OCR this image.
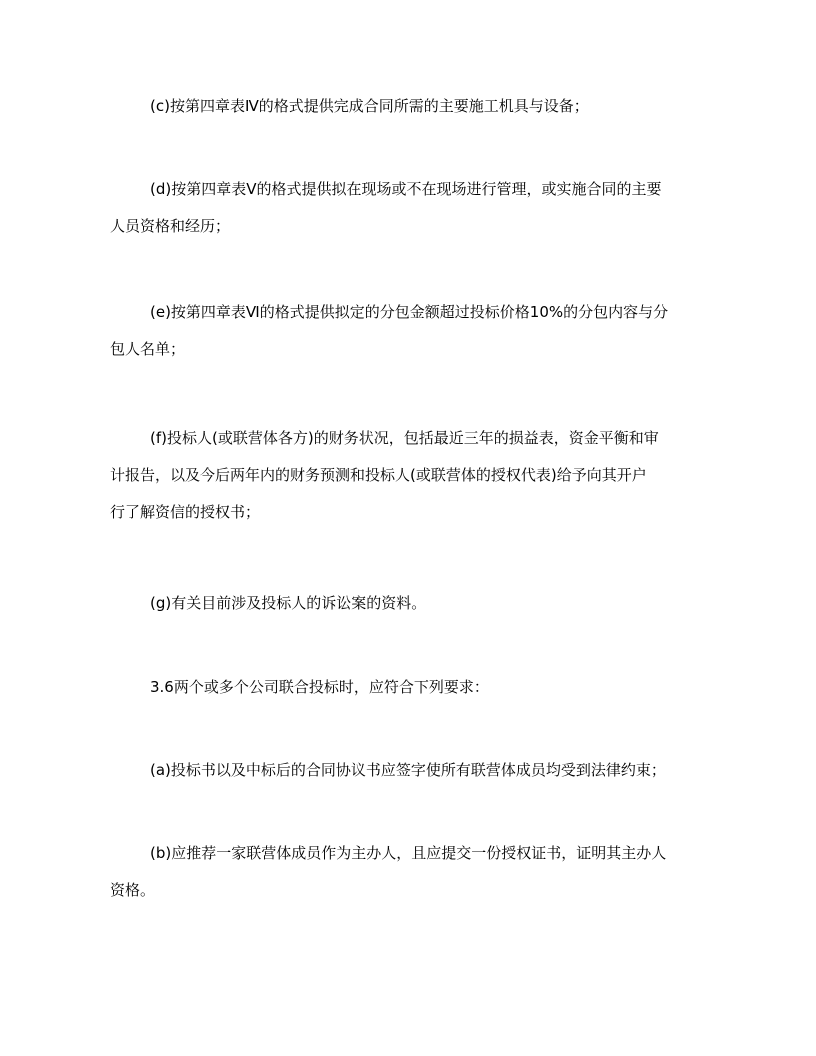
(c)按第四章表Ⅳ的格式提供完成合同所需的主要施工机具与设备；
(d)按第四章表Ⅴ的格式提供拟在现场或不在现场进行管理，或实施合同的主要
人员资格和经历；
(e)按第四章表Ⅵ的格式提供拟定的分包金额超过投标价格10%的分包内容与分
包人名单；
(f)投标人(或联营体各方)的财务状况，包括最近三年的损益表，资金平衡和审
计报告，以及今后两年内的财务预测和投标人(或联营体的授权代表)给予向其开户
行了解资信的授权书；
(g)有关目前涉及投标人的诉讼案的资料。
3.6两个或多个公司联合投标时，应符合下列要求：
(a)投标书以及中标后的合同协议书应签字使所有联营体成员均受到法律约束；
(b)应推荐一家联营体成员作为主办人，且应提交一份授权证书，证明其主办人
资格。
